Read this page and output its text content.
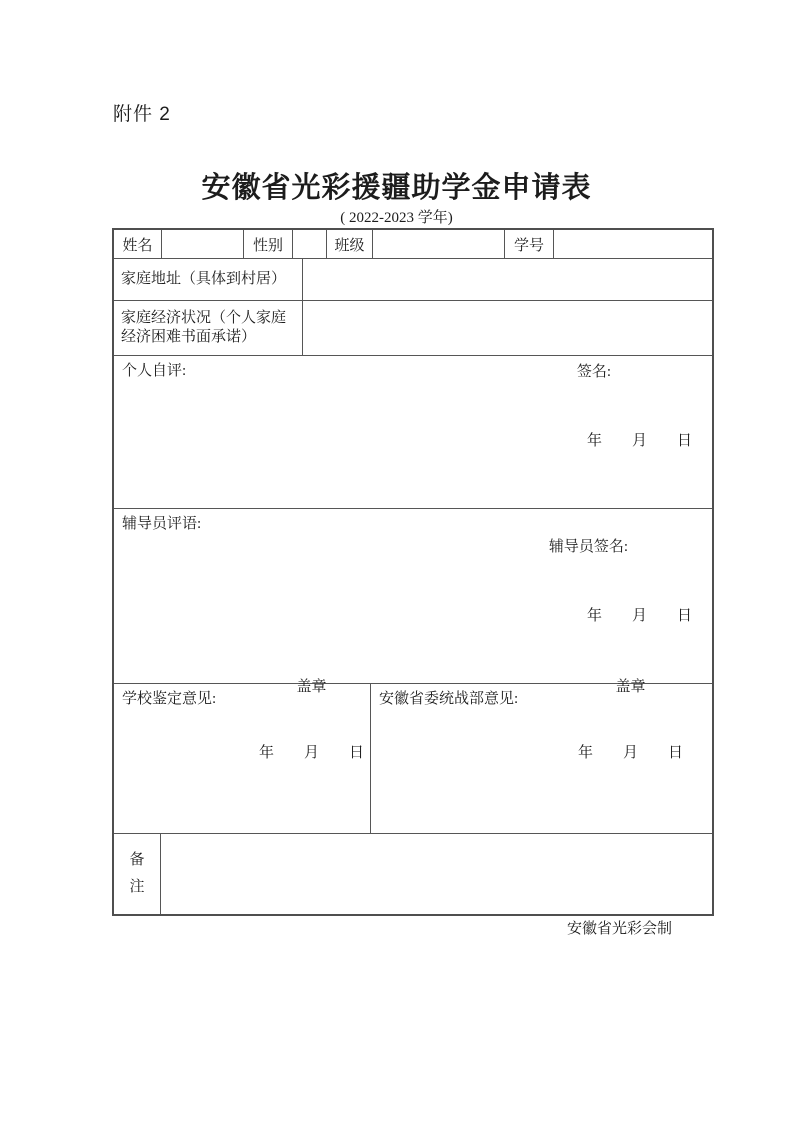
附件 2
安徽省光彩援疆助学金申请表
( 2022-2023 学年)
姓名	性别	班级	学号
家庭地址（具体到村居）
家庭经济状况（个人家庭经济困难书面承诺）
个人自评:

	签名:

年　　月　　日

辅导员评语:

辅导员签名:

年　　月　　日

学校鉴定意见:

盖章

年　　月　　日

安徽省委统战部意见:

盖章

年　　月　　日

备注
安徽省光彩会制
